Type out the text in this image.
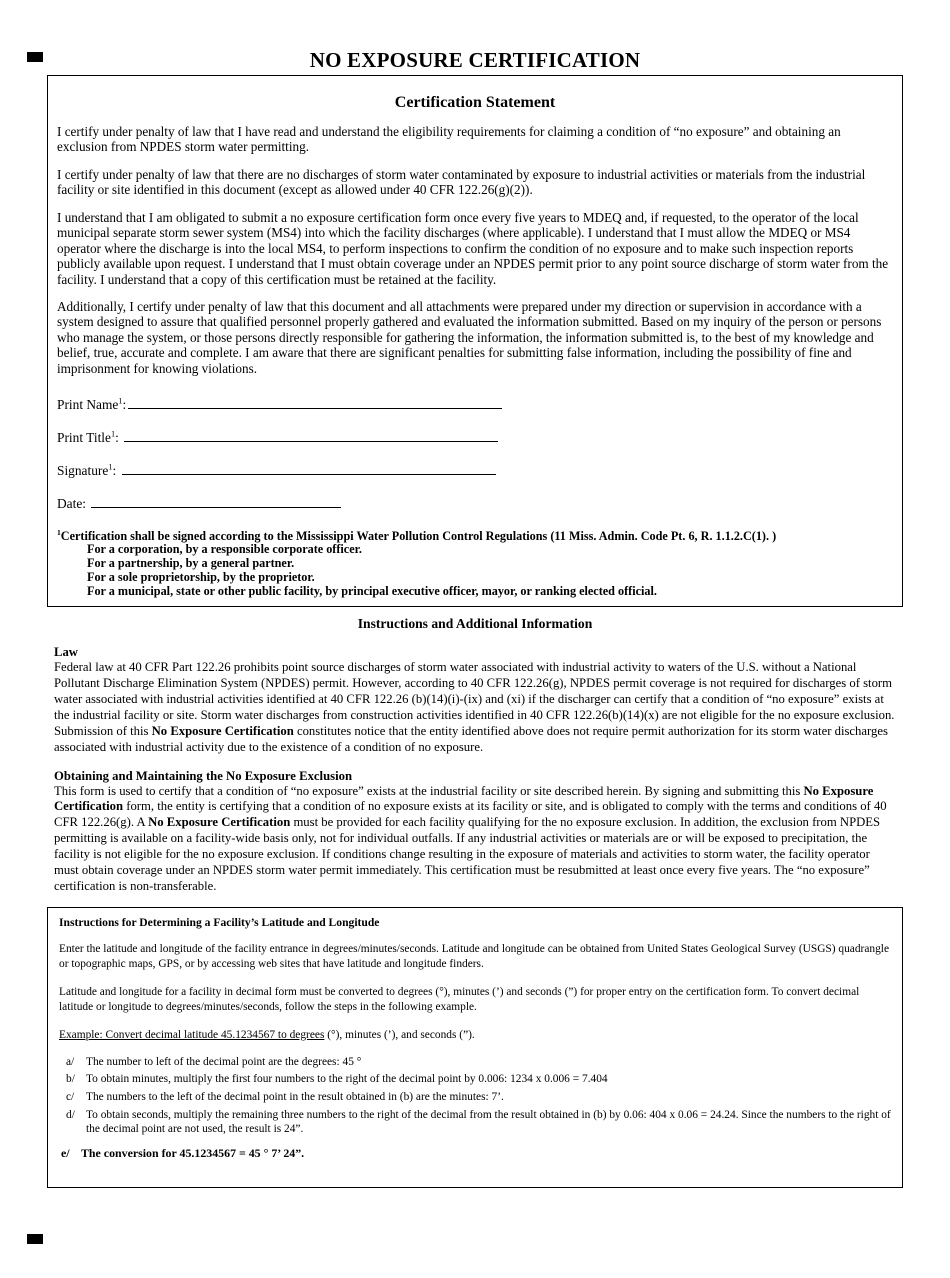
NO EXPOSURE CERTIFICATION
Certification Statement

I certify under penalty of law that I have read and understand the eligibility requirements for claiming a condition of “no exposure” and obtaining an exclusion from NPDES storm water permitting.

I certify under penalty of law that there are no discharges of storm water contaminated by exposure to industrial activities or materials from the industrial facility or site identified in this document (except as allowed under 40 CFR 122.26(g)(2)).

I understand that I am obligated to submit a no exposure certification form once every five years to MDEQ and, if requested, to the operator of the local municipal separate storm sewer system (MS4) into which the facility discharges (where applicable). I understand that I must allow the MDEQ or MS4 operator where the discharge is into the local MS4, to perform inspections to confirm the condition of no exposure and to make such inspection reports publicly available upon request. I understand that I must obtain coverage under an NPDES permit prior to any point source discharge of storm water from the facility. I understand that a copy of this certification must be retained at the facility.

Additionally, I certify under penalty of law that this document and all attachments were prepared under my direction or supervision in accordance with a system designed to assure that qualified personnel properly gathered and evaluated the information submitted. Based on my inquiry of the person or persons who manage the system, or those persons directly responsible for gathering the information, the information submitted is, to the best of my knowledge and belief, true, accurate and complete. I am aware that there are significant penalties for submitting false information, including the possibility of fine and imprisonment for knowing violations.

Print Name$^1$:
Print Title$^1$:
Signature$^1$:
Date:

$^1$Certification shall be signed according to the Mississippi Water Pollution Control Regulations (11 Miss. Admin. Code Pt. 6, R. 1.1.2.C(1). )

For a corporation, by a responsible corporate officer.

For a partnership, by a general partner.

For a sole proprietorship, by the proprietor.

For a municipal, state or other public facility, by principal executive officer, mayor, or ranking elected official.

Instructions and Additional Information
Law

Federal law at 40 CFR Part 122.26 prohibits point source discharges of storm water associated with industrial activity to waters of the U.S. without a National Pollutant Discharge Elimination System (NPDES) permit. However, according to 40 CFR 122.26(g), NPDES permit coverage is not required for discharges of storm water associated with industrial activities identified at 40 CFR 122.26 (b)(14)(i)-(ix) and (xi) if the discharger can certify that a condition of “no exposure” exists at the industrial facility or site. Storm water discharges from construction activities identified in 40 CFR 122.26(b)(14)(x) are not eligible for the no exposure exclusion. Submission of this No Exposure Certification constitutes notice that the entity identified above does not require permit authorization for its storm water discharges associated with industrial activity due to the existence of a condition of no exposure.

Obtaining and Maintaining the No Exposure Exclusion

This form is used to certify that a condition of “no exposure” exists at the industrial facility or site described herein. By signing and submitting this No Exposure Certification form, the entity is certifying that a condition of no exposure exists at its facility or site, and is obligated to comply with the terms and conditions of 40 CFR 122.26(g). A No Exposure Certification must be provided for each facility qualifying for the no exposure exclusion. In addition, the exclusion from NPDES permitting is available on a facility-wide basis only, not for individual outfalls. If any industrial activities or materials are or will be exposed to precipitation, the facility is not eligible for the no exposure exclusion. If conditions change resulting in the exposure of materials and activities to storm water, the facility operator must obtain coverage under an NPDES storm water permit immediately. This certification must be resubmitted at least once every five years. The “no exposure” certification is non-transferable.

Instructions for Determining a Facility’s Latitude and Longitude

Enter the latitude and longitude of the facility entrance in degrees/minutes/seconds. Latitude and longitude can be obtained from United States Geological Survey (USGS) quadrangle or topographic maps, GPS, or by accessing web sites that have latitude and longitude finders.

Latitude and longitude for a facility in decimal form must be converted to degrees (°), minutes (’) and seconds (”) for proper entry on the certification form. To convert decimal latitude or longitude to degrees/minutes/seconds, follow the steps in the following example.

Example: Convert decimal latitude 45.1234567 to degrees (°), minutes (’), and seconds (”).

a/	The number to left of the decimal point are the degrees: 45 °
b/ To obtain minutes, multiply the first four numbers to the right of the decimal point by 0.006: 1234 x 0.006 = 7.404
c/	The numbers to the left of the decimal point in the result obtained in (b) are the minutes: 7’.
d/ To obtain seconds, multiply the remaining three numbers to the right of the decimal from the result obtained in (b) by 0.06: 404 x 0.06 = 24.24. Since the numbers to the right of the decimal point are not used, the result is 24”.
e/ The conversion for 45.1234567 = 45 ° 7’ 24”.
